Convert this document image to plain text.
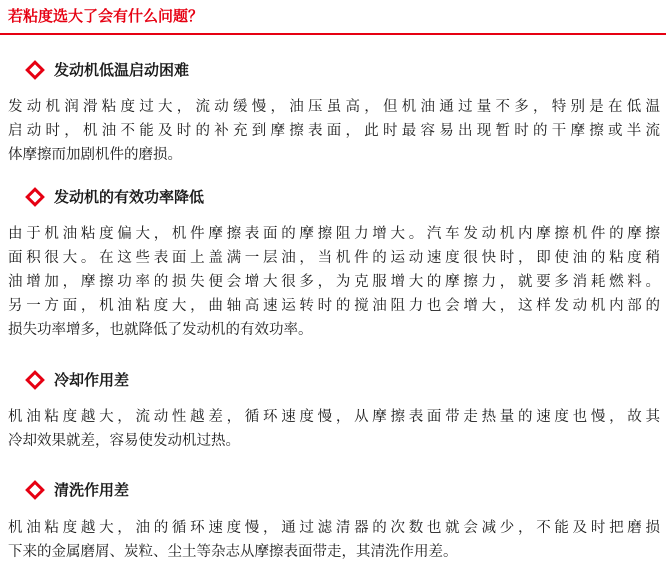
若粘度选大了会有什么问题？
发动机低温启动困难
发动机润滑粘度过大，流动缓慢，油压虽高，但机油通过量不多，特别是在低温
启动时，机油不能及时的补充到摩擦表面，此时最容易出现暂时的干摩擦或半流
体摩擦而加剧机件的磨损。
发动机的有效功率降低
由于机油粘度偏大，机件摩擦表面的摩擦阻力增大。汽车发动机内摩擦机件的摩擦
面积很大。在这些表面上盖满一层油，当机件的运动速度很快时，即使油的粘度稍
油增加，摩擦功率的损失便会增大很多，为克服增大的摩擦力，就要多消耗燃料。
另一方面，机油粘度大，曲轴高速运转时的搅油阻力也会增大，这样发动机内部的
损失功率增多，也就降低了发动机的有效功率。
冷却作用差
机油粘度越大，流动性越差，循环速度慢，从摩擦表面带走热量的速度也慢，故其
冷却效果就差，容易使发动机过热。
清洗作用差
机油粘度越大，油的循环速度慢，通过滤清器的次数也就会减少，不能及时把磨损
下来的金属磨屑、炭粒、尘土等杂志从摩擦表面带走，其清洗作用差。
